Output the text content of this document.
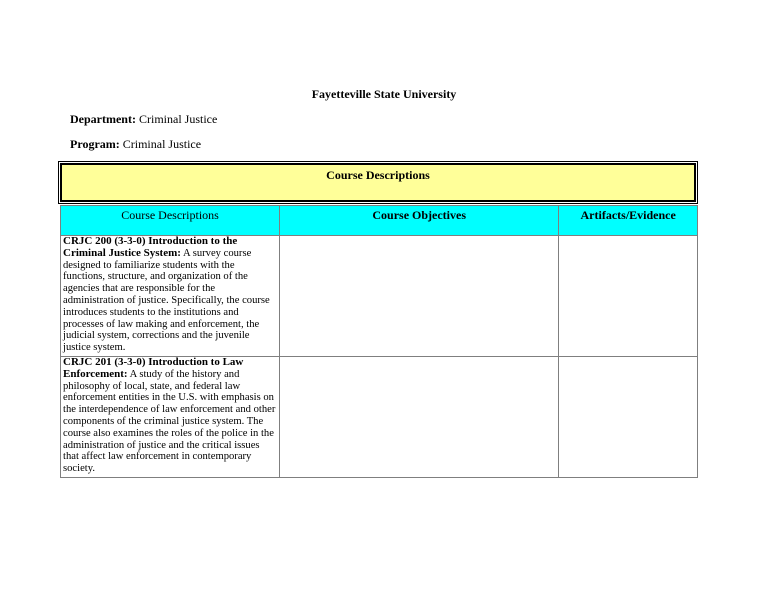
Fayetteville State University
Department: Criminal Justice
Program: Criminal Justice
Course Descriptions
Course Descriptions	Course Objectives	Artifacts/Evidence
CRJC 200 (3-3-0) Introduction to the Criminal Justice System: A survey course designed to familiarize students with the functions, structure, and organization of the agencies that are responsible for the administration of justice. Specifically, the course introduces students to the institutions and processes of law making and enforcement, the judicial system, corrections and the juvenile justice system.		
CRJC 201 (3-3-0) Introduction to Law Enforcement: A study of the history and philosophy of local, state, and federal law enforcement entities in the U.S. with emphasis on the interdependence of law enforcement and other components of the criminal justice system. The course also examines the roles of the police in the administration of justice and the critical issues that affect law enforcement in contemporary society.		
